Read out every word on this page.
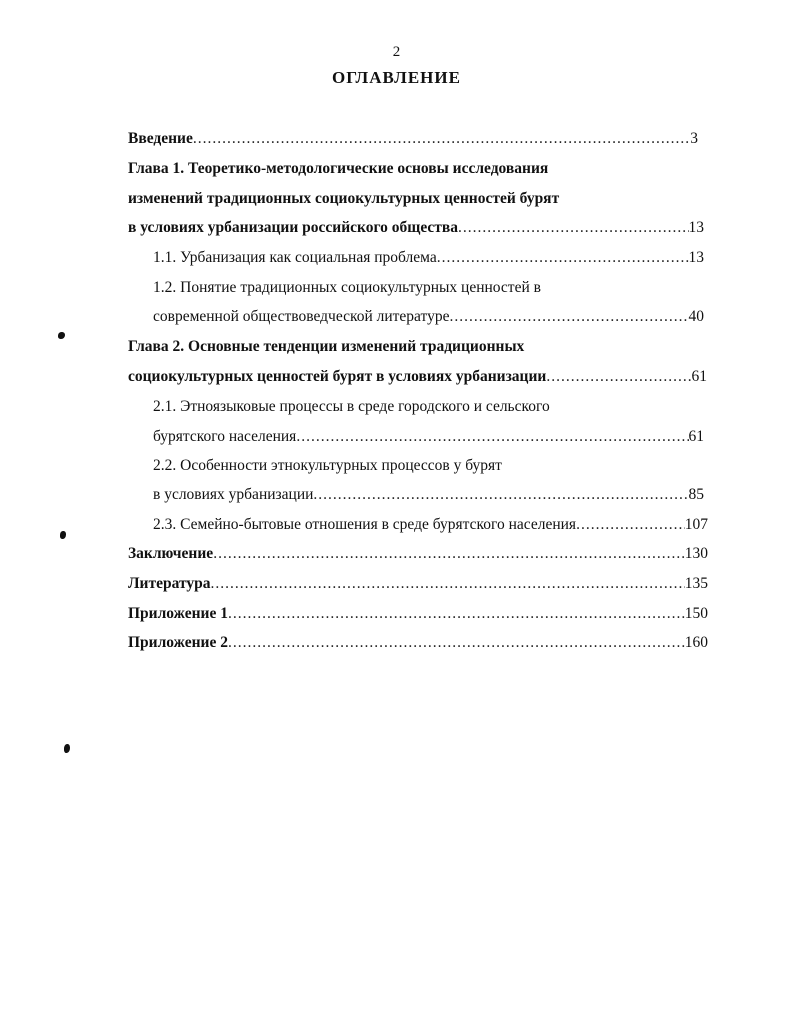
2
ОГЛАВЛЕНИЕ
Введение .....	3
Глава 1. Теоретико-методологические основы исследования
изменений традиционных социокультурных ценностей бурят
в условиях урбанизации российского общества .....	13
1.1. Урбанизация как социальная проблема .....	13
1.2. Понятие традиционных социокультурных ценностей в
современной обществоведческой литературе .....	40
Глава 2. Основные тенденции изменений традиционных
социокультурных ценностей бурят в условиях урбанизации .....	61
2.1. Этноязыковые процессы в среде городского и сельского
бурятского населения .....	61
2.2. Особенности этнокультурных процессов у бурят
в условиях урбанизации .....	85
2.3. Семейно-бытовые отношения в среде бурятского населения .....	107
Заключение .....	130
Литература .....	135
Приложение 1 .....	150
Приложение 2 .....	160
